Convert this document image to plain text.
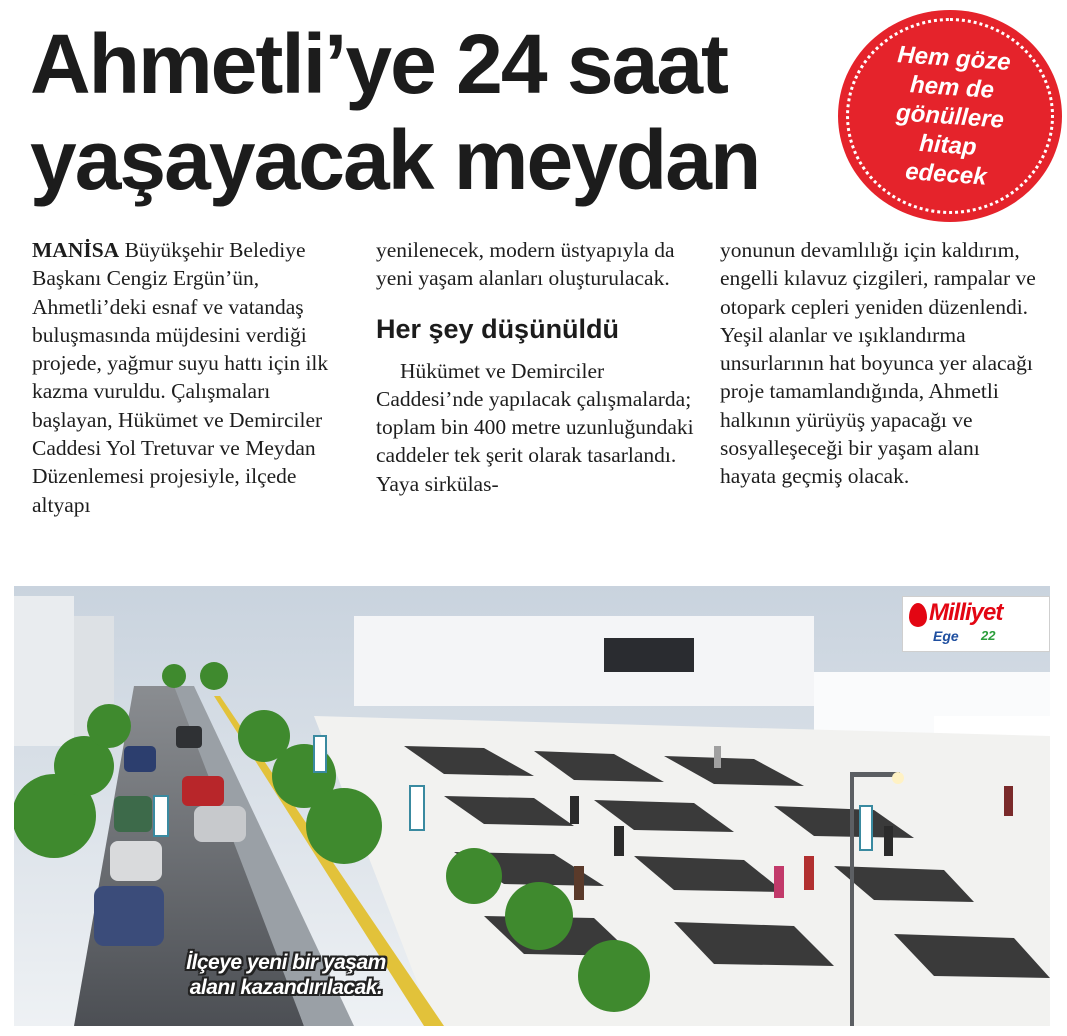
Ahmetli’ye 24 saat
yaşayacak meydan
Hem göze
hem de
gönüllere
hitap
edecek

MANİSA Büyükşehir Belediye Başkanı Cengiz Ergün’ün, Ahmetli’deki esnaf ve vatandaş buluşmasında müjdesini verdiği projede, yağmur suyu hattı için ilk kazma vuruldu. Çalışmaları başlayan, Hükümet ve Demirciler Caddesi Yol Tretuvar ve Meydan Düzenlemesi projesiyle, ilçede altyapı

yenilenecek, modern üstyapıyla da yeni yaşam alanları oluşturulacak.

Her şey düşünüldü

Hükümet ve Demirciler Caddesi’nde yapılacak çalışmalarda; toplam bin 400 metre uzunluğundaki caddeler tek şerit olarak tasarlandı. Yaya sirkülas-

yonunun devamlılığı için kaldırım, engelli kılavuz çizgileri, rampalar ve otopark cepleri yeniden düzenlendi. Yeşil alanlar ve ışıklandırma unsurlarının hat boyunca yer alacağı proje tamamlandığında, Ahmetli halkının yürüyüş yapacağı ve sosyalleşeceği bir yaşam alanı hayata geçmiş olacak.

Milliyet
Ege 22
İlçeye yeni bir yaşam
alanı kazandırılacak.
